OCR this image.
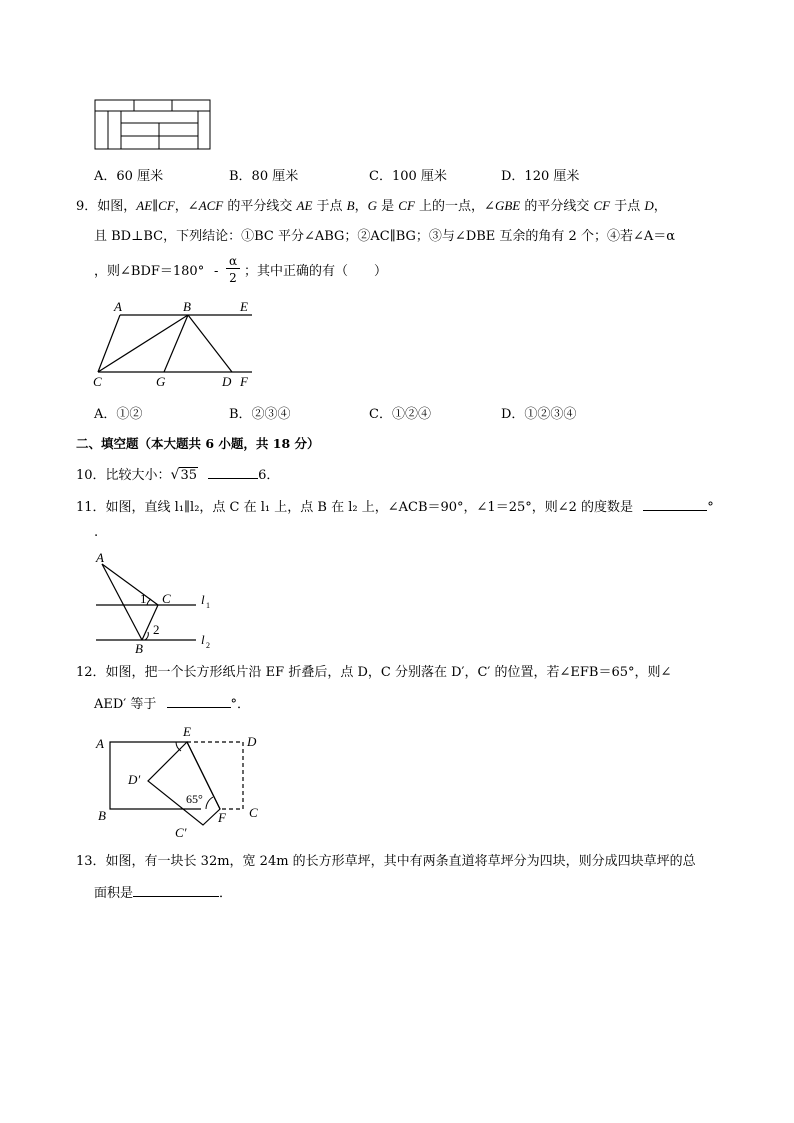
A．60 厘米	B．80 厘米	C．100 厘米	D．120 厘米
9．如图，AE∥CF，∠ACF 的平分线交 AE 于点 B，G 是 CF 上的一点，∠GBE 的平分线交 CF 于点 D，
且 BD⊥BC，下列结论：①BC 平分∠ABG；②AC∥BG；③与∠DBE 互余的角有 2 个；④若∠A＝α
，则∠BDF＝180° -
α
2 ；其中正确的有（　　）
A	B	E
C	G	D F
A．①②	B．②③④	C．①②④	D．①②③④
二、填空题（本大题共 6 小题，共 18 分）
10．比较大小：√35	6．
11．如图，直线 l₁∥l₂，点 C 在 l₁ 上，点 B 在 l₂ 上，∠ACB＝90°，∠1＝25°，则∠2 的度数是	°
.
A
C
B
1
2
l 1
l 2
12．如图，把一个长方形纸片沿 EF 折叠后，点 D，C 分别落在 D′，C′ 的位置，若∠EFB＝65°，则∠
AED′ 等于	°．
A
E
D
D′
B	F C
C′
65°
13．如图，有一块长 32m，宽 24m 的长方形草坪，其中有两条直道将草坪分为四块，则分成四块草坪的总
面积是	．
